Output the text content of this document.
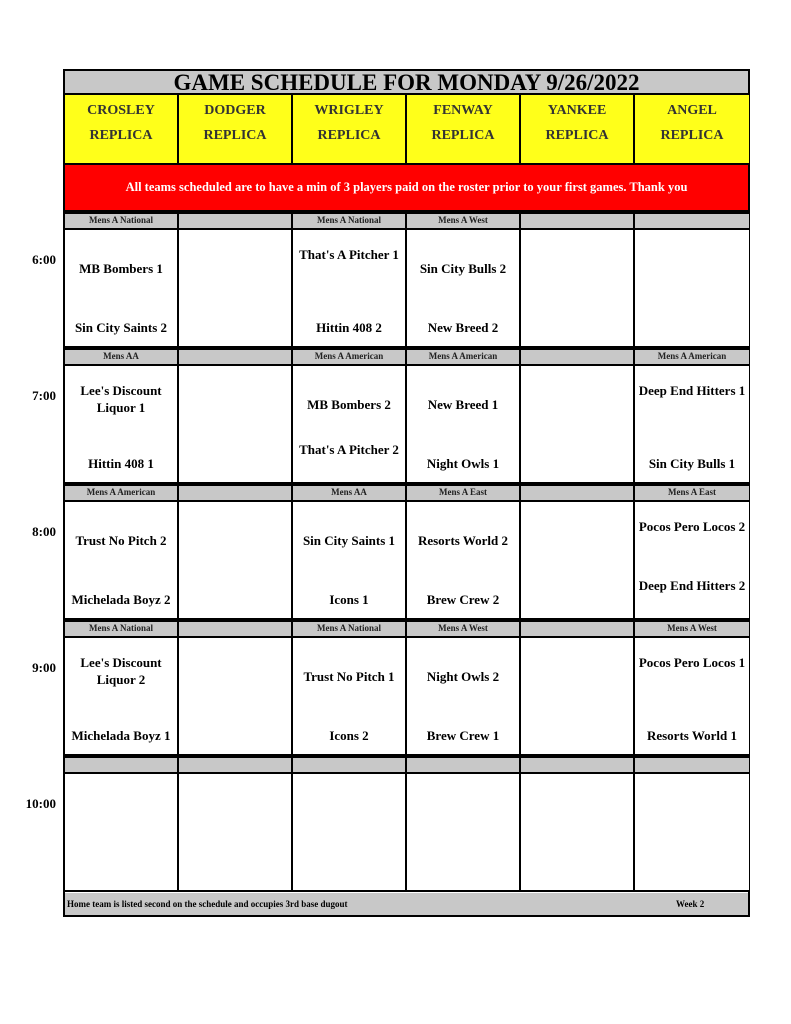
GAME SCHEDULE FOR MONDAY 9/26/2022
CROSLEY
REPLICA
DODGER
REPLICA
WRIGLEY
REPLICA
FENWAY
REPLICA
YANKEE
REPLICA
ANGEL
REPLICA
All teams scheduled are to have a min of 3 players paid on the roster prior to your first games. Thank you
Mens A National
MB Bombers 1
Sin City Saints 2
Mens A National
That's A Pitcher 1
Hittin 408 2
Mens A West
Sin City Bulls 2
New Breed 2
Mens AA
Lee's Discount Liquor 1
Hittin 408 1
Mens A American
MB Bombers 2
That's A Pitcher 2
Mens A American
New Breed 1
Night Owls 1
Mens A American
Deep End Hitters 1
Sin City Bulls 1
Mens A American
Trust No Pitch 2
Michelada Boyz 2
Mens AA
Sin City Saints 1
Icons 1
Mens A East
Resorts World 2
Brew Crew 2
Mens A East
Pocos Pero Locos 2
Deep End Hitters 2
Mens A National
Lee's Discount Liquor 2
Michelada Boyz 1
Mens A National
Trust No Pitch 1
Icons 2
Mens A West
Night Owls 2
Brew Crew 1
Mens A West
Pocos Pero Locos 1
Resorts World 1
Home team is listed second on the schedule and occupies 3rd base dugout	Week 2
6:00
7:00
8:00
9:00
10:00
